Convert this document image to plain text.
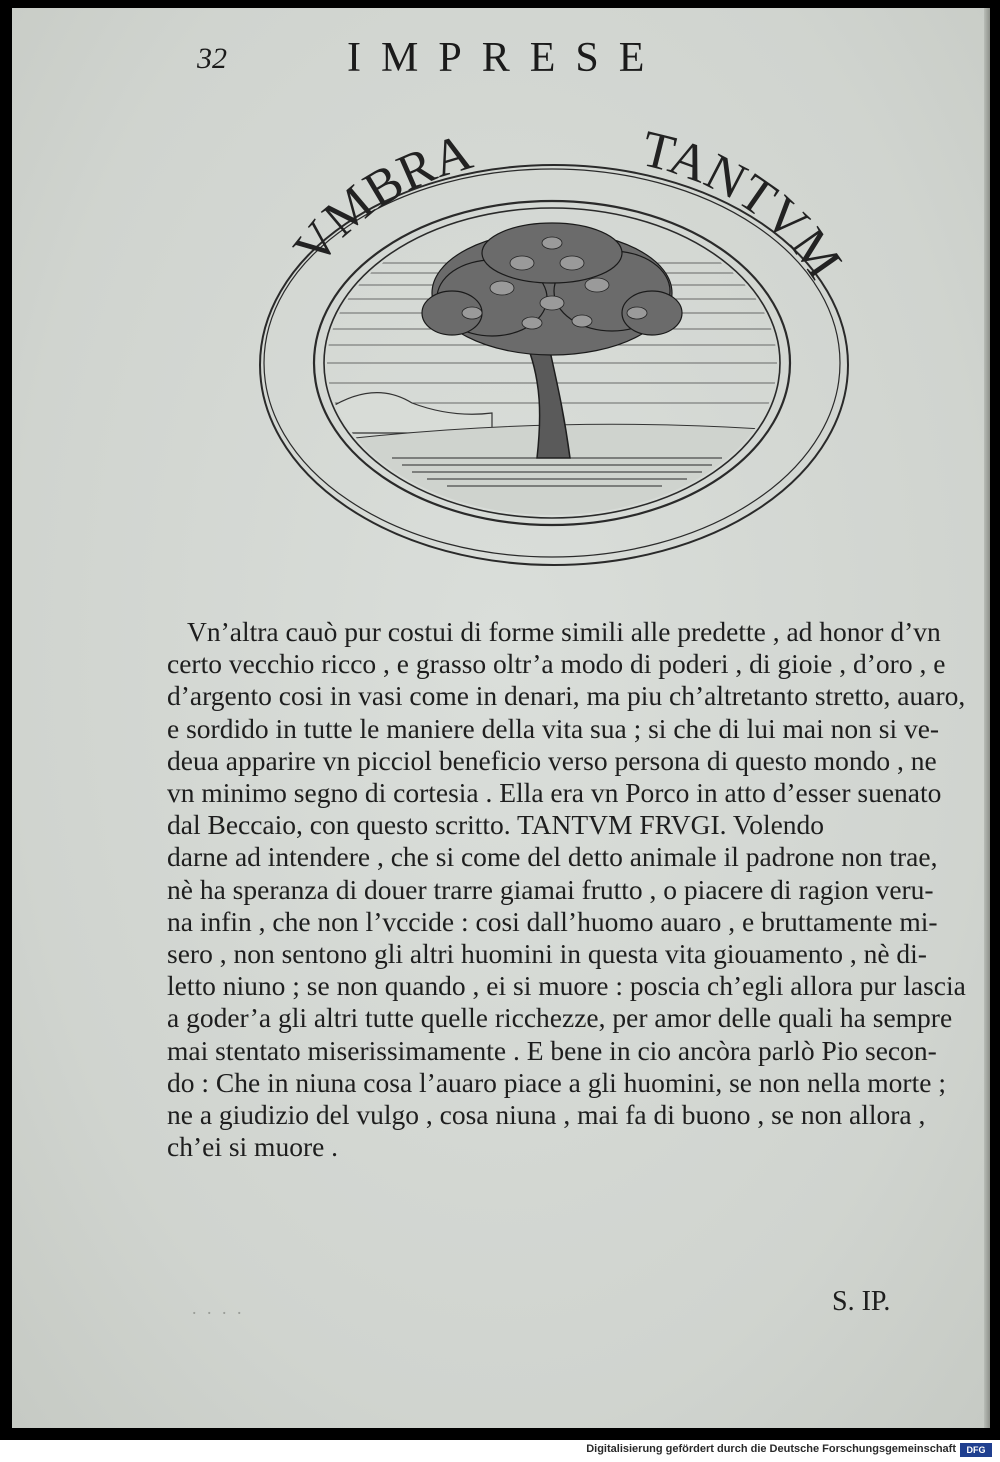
32	IMPRESE
VMBRA	TANTVM
Vn’altra cauò pur costui di forme simili alle predette , ad honor d’vn
certo vecchio ricco , e grasso oltr’a modo di poderi , di gioie , d’oro , e
d’argento cosi in vasi come in denari, ma piu ch’altretanto stretto, auaro,
e sordido in tutte le maniere della vita sua ; si che di lui mai non si ve-
deua apparire vn picciol beneficio verso persona di questo mondo , ne
vn minimo segno di cortesia . Ella era vn Porco in atto d’esser suenato
dal Beccaio, con questo scritto. TANTVM FRVGI. Volendo
darne ad intendere , che si come del detto animale il padrone non trae,
nè ha speranza di douer trarre giamai frutto , o piacere di ragion veru-
na infin , che non l’vccide : cosi dall’huomo auaro , e bruttamente mi-
sero , non sentono gli altri huomini in questa vita giouamento , nè di-
letto niuno ; se non quando , ei si muore : poscia ch’egli allora pur lascia
a goder’a gli altri tutte quelle ricchezze, per amor delle quali ha sempre
mai stentato miserissimamente . E bene in cio ancòra parlò Pio secon-
do : Che in niuna cosa l’auaro piace a gli huomini, se non nella morte ;
ne a giudizio del vulgo , cosa niuna , mai fa di buono , se non allora ,
ch’ei si muore .
. . . .	S. IP.
Digitalisierung gefördert durch die Deutsche Forschungsgemeinschaft	DFG
